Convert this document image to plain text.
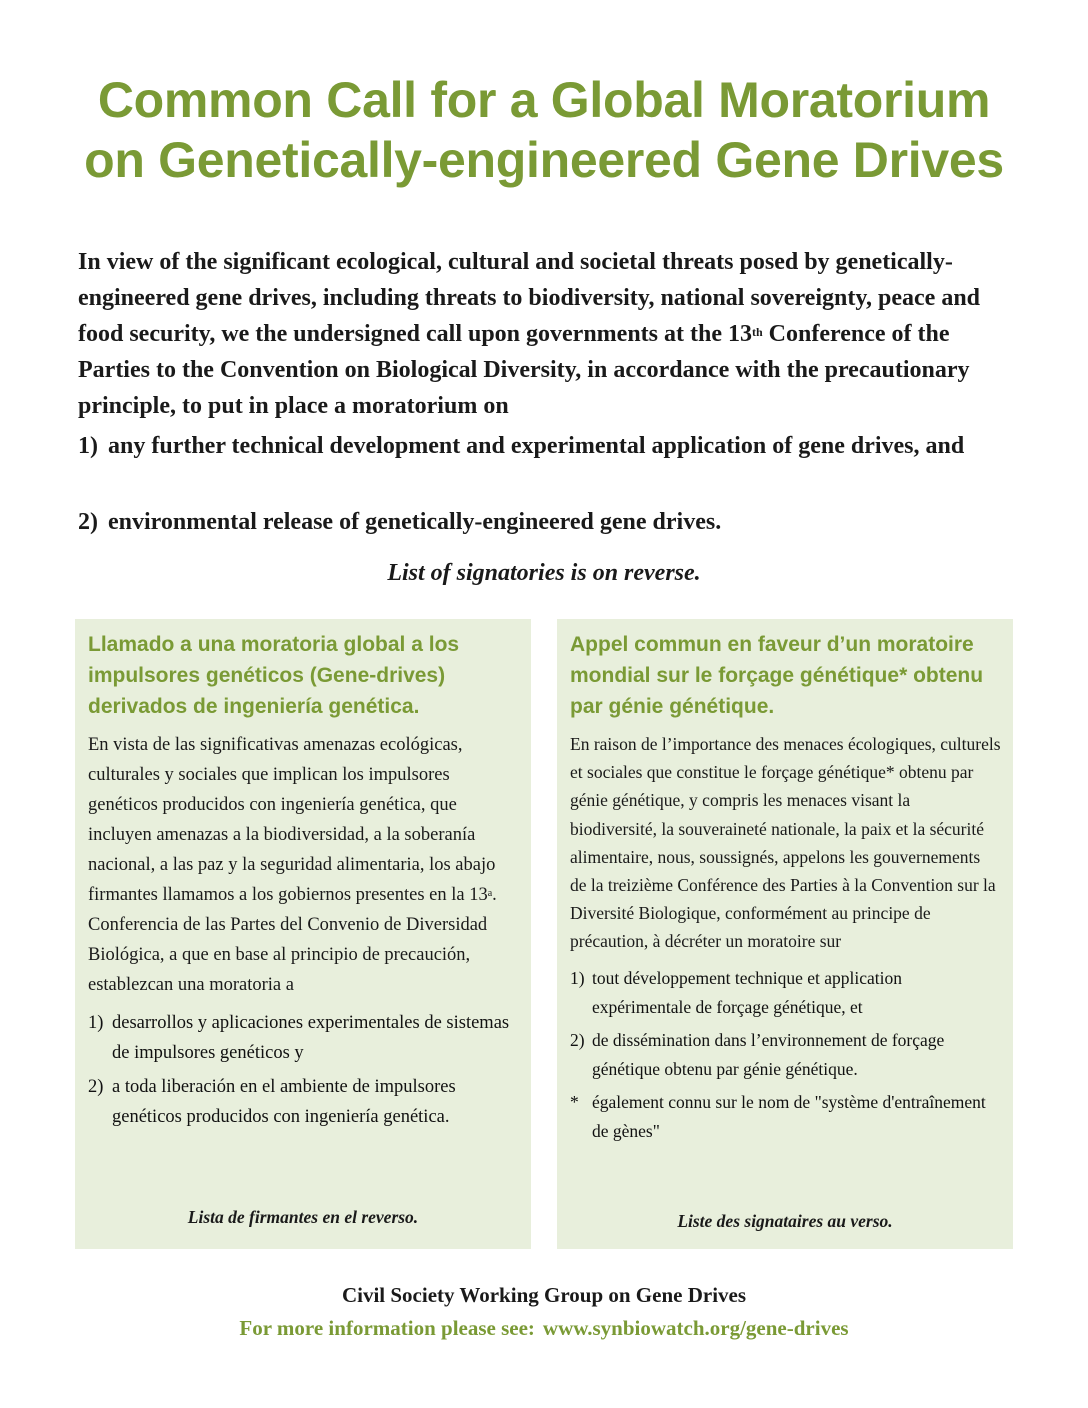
Common Call for a Global Moratorium
on Genetically-engineered Gene Drives

In view of the significant ecological, cultural and societal threats posed by genetically-engineered gene drives, including threats to biodiversity, national sovereignty, peace and food security, we the undersigned call upon governments at the 13th Conference of the Parties to the Convention on Biological Diversity, in accordance with the precautionary principle, to put in place a moratorium on

1) any further technical development and experimental application of gene drives, and
2) environmental release of genetically-engineered gene drives.

List of signatories is on reverse.

Llamado a una moratoria global a los impulsores genéticos (Gene-drives) derivados de ingeniería genética.

En vista de las significativas amenazas ecológicas, culturales y sociales que implican los impulsores genéticos producidos con ingeniería genética, que incluyen amenazas a la biodiversidad, a la soberanía nacional, a las paz y la seguridad alimentaria, los abajo firmantes llamamos a los gobiernos presentes en la 13$^a$. Conferencia de las Partes del Convenio de Diversidad Biológica, a que en base al principio de precaución, establezcan una moratoria a

1) desarrollos y aplicaciones experimentales de sistemas de impulsores genéticos y
2) a toda liberación en el ambiente de impulsores genéticos producidos con ingeniería genética.

Lista de firmantes en el reverso.

Appel commun en faveur d’un moratoire mondial sur le forçage génétique* obtenu par génie génétique.

En raison de l’importance des menaces écologiques, culturels et sociales que constitue le forçage génétique* obtenu par génie génétique, y compris les menaces visant la biodiversité, la souveraineté nationale, la paix et la sécurité alimentaire, nous, soussignés, appelons les gouvernements de la treizième Conférence des Parties à la Convention sur la Diversité Biologique, conformément au principe de précaution, à décréter un moratoire sur

1) tout développement technique et application expérimentale de forçage génétique, et
2) de dissémination dans l’environnement de forçage génétique obtenu par génie génétique.
* également connu sur le nom de "système d'entraînement de gènes"

Liste des signataires au verso.

Civil Society Working Group on Gene Drives

For more information please see: www.synbiowatch.org/gene-drives
